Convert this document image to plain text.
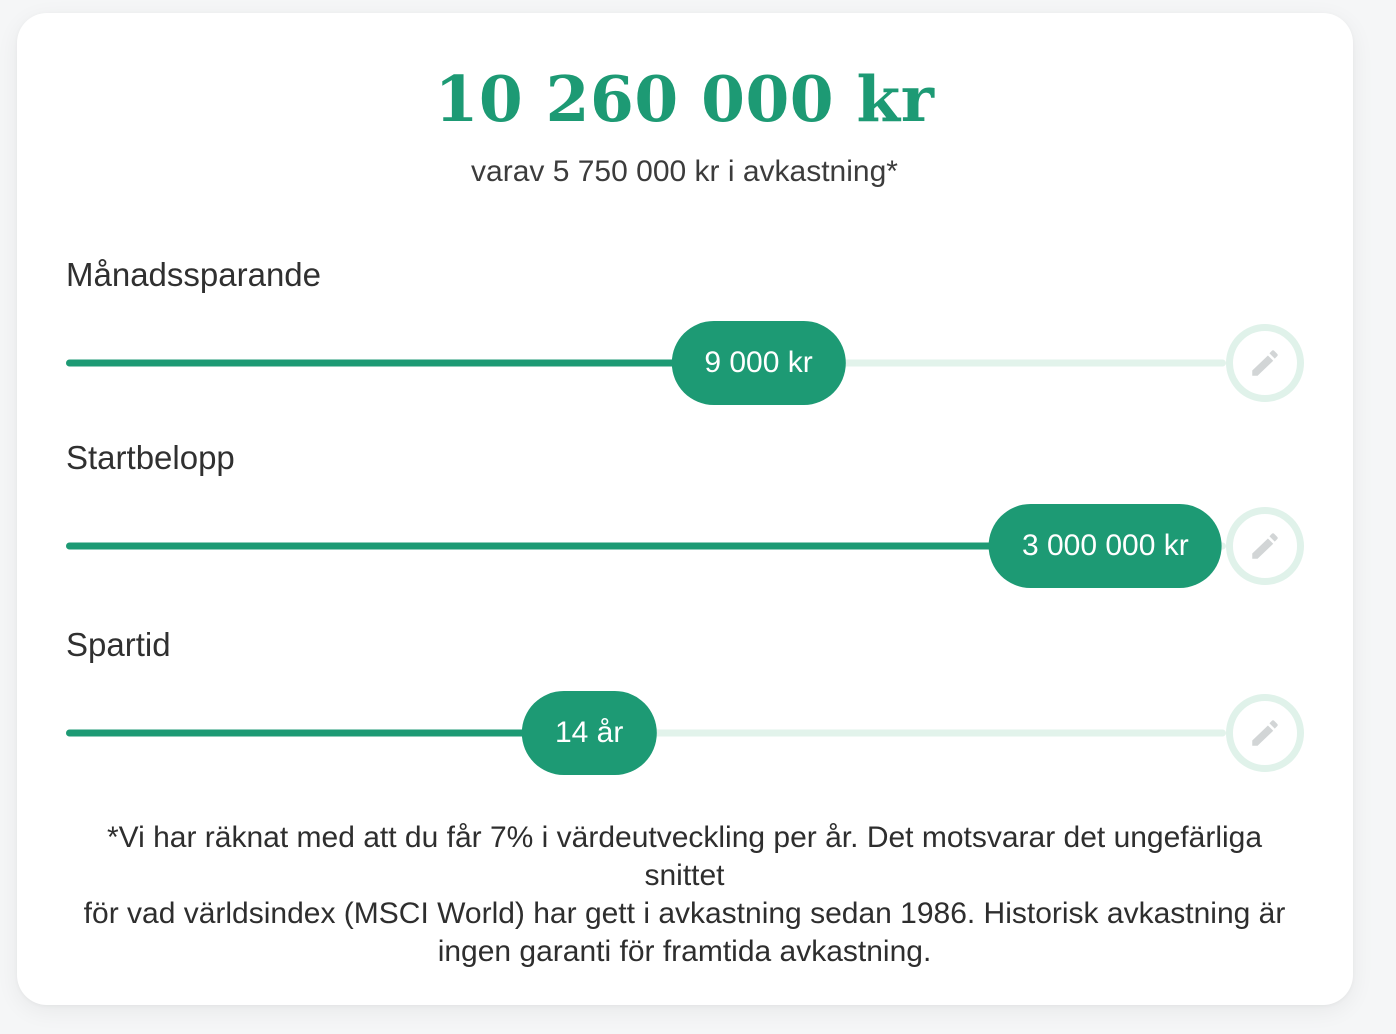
10 260 000 kr
varav 5 750 000 kr i avkastning*
Månadssparande
9 000 kr
Startbelopp
3 000 000 kr
Spartid
14 år

*Vi har räknat med att du får 7% i värdeutveckling per år. Det motsvarar det ungefärliga snittet
för vad världsindex (MSCI World) har gett i avkastning sedan 1986. Historisk avkastning är
ingen garanti för framtida avkastning.
